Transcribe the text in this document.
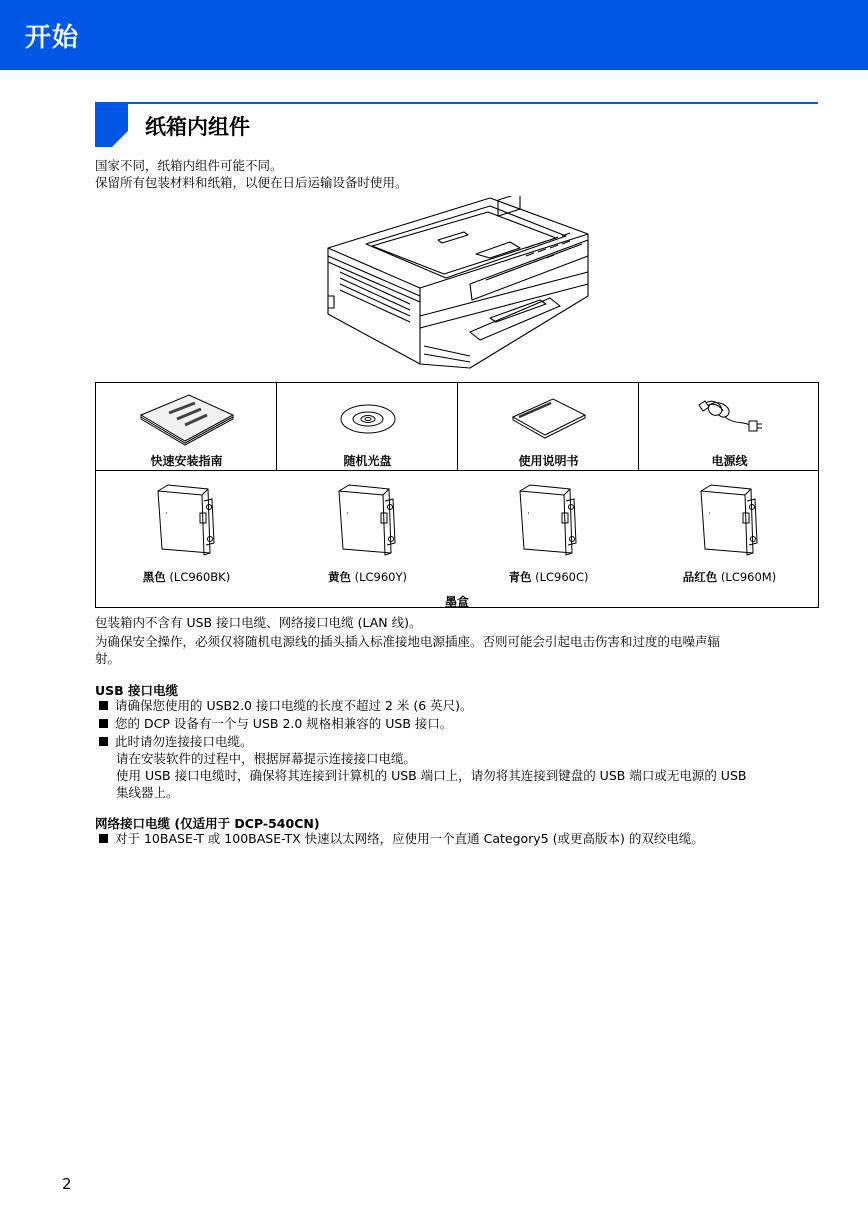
开始
纸箱内组件
国家不同，纸箱内组件可能不同。
保留所有包装材料和纸箱，以便在日后运输设备时使用。
快速安装指南	随机光盘	使用说明书	电源线
黑色 (LC960BK)	黄色 (LC960Y)	青色 (LC960C)	品红色 (LC960M)
墨盒
包装箱内不含有 USB 接口电缆、网络接口电缆 (LAN 线)。
为确保安全操作，必须仅将随机电源线的插头插入标准接地电源插座。否则可能会引起电击伤害和过度的电噪声辐
射。
USB 接口电缆
请确保您使用的 USB2.0 接口电缆的长度不超过 2 米 (6 英尺)。
您的 DCP 设备有一个与 USB 2.0 规格相兼容的 USB 接口。
此时请勿连接接口电缆。
请在安装软件的过程中，根据屏幕提示连接接口电缆。
使用 USB 接口电缆时，确保将其连接到计算机的 USB 端口上，请勿将其连接到键盘的 USB 端口或无电源的 USB
集线器上。
网络接口电缆 (仅适用于 DCP-540CN)
对于 10BASE-T 或 100BASE-TX 快速以太网络，应使用一个直通 Category5 (或更高版本) 的双绞电缆。
2
